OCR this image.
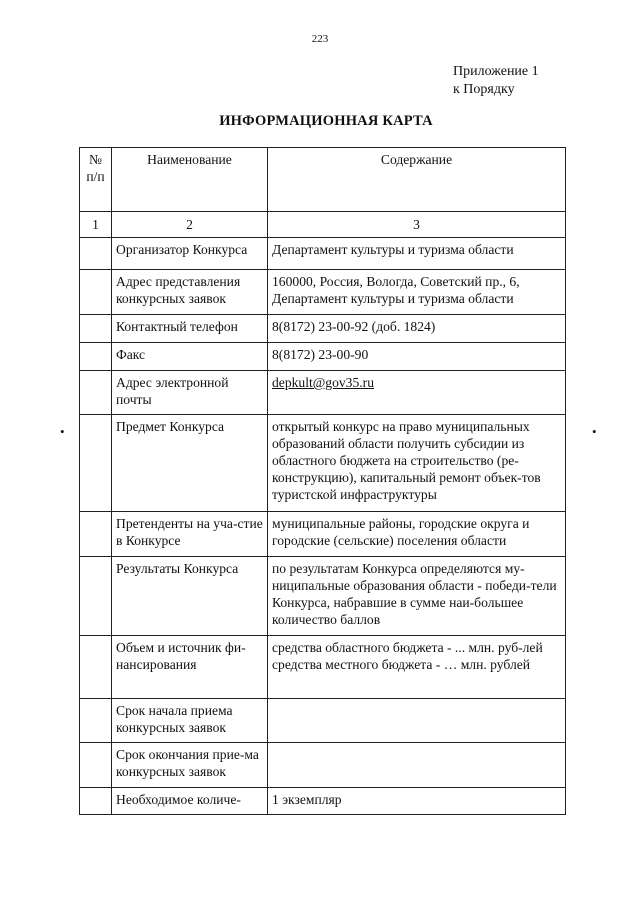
223
Приложение 1
к Порядку
ИНФОРМАЦИОННАЯ КАРТА
•	•
№ п/п	Наименование	Содержание
1	2	3
	Организатор Конкурса	Департамент культуры и туризма области
	Адрес представления конкурсных заявок	160000, Россия, Вологда, Советский пр., 6, Департамент культуры и туризма области
	Контактный телефон	8(8172) 23-00-92 (доб. 1824)
	Факс	8(8172) 23-00-90
	Адрес электронной почты	depkult@gov35.ru
	Предмет Конкурса	открытый конкурс на право муниципальных образований области получить субсидии из областного бюджета на строительство (ре-конструкцию), капитальный ремонт объек-тов туристской инфраструктуры
	Претенденты на уча-стие в Конкурсе	муниципальные районы, городские округа и городские (сельские) поселения области
	Результаты Конкурса	по результатам Конкурса определяются му-ниципальные образования области - победи-тели Конкурса, набравшие в сумме наи-большее количество баллов
	Объем и источник фи-нансирования	средства областного бюджета - ... млн. руб-лей
средства местного бюджета - … млн. рублей

	Срок начала приема конкурсных заявок	
	Срок окончания прие-ма конкурсных заявок	
	Необходимое количе-	1 экземпляр
